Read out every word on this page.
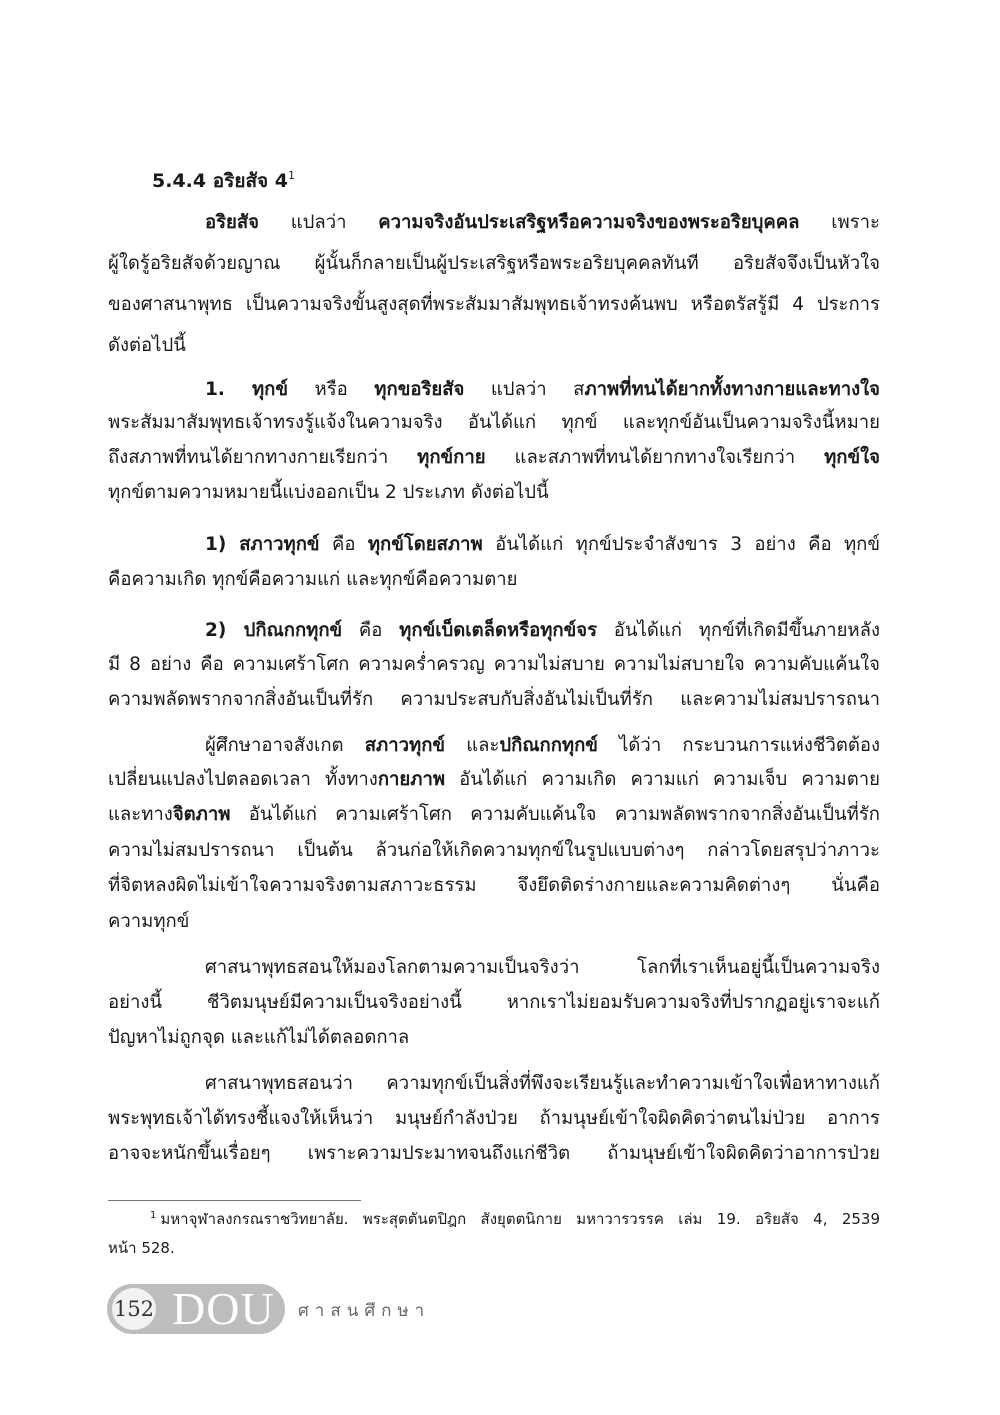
5.4.4 อริยสัจ $4^1$
อริยสัจ แปลว่า ความจริงอันประเสริฐหรือความจริงของพระอริยบุคคล เพราะ
ผู้ใดรู้อริยสัจด้วยญาณ ผู้นั้นก็กลายเป็นผู้ประเสริฐหรือพระอริยบุคคลทันที อริยสัจจึงเป็นหัวใจ
ของศาสนาพุทธ เป็นความจริงขั้นสูงสุดที่พระสัมมาสัมพุทธเจ้าทรงค้นพบ หรือตรัสรู้มี 4 ประการ
ดังต่อไปนี้
1. ทุกข์ หรือ ทุกขอริยสัจ แปลว่า สภาพที่ทนได้ยากทั้งทางกายและทางใจ
พระสัมมาสัมพุทธเจ้าทรงรู้แจ้งในความจริง อันได้แก่ ทุกข์ และทุกข์อันเป็นความจริงนี้หมาย
ถึงสภาพที่ทนได้ยากทางกายเรียกว่า ทุกข์กาย และสภาพที่ทนได้ยากทางใจเรียกว่า ทุกข์ใจ
ทุกข์ตามความหมายนี้แบ่งออกเป็น 2 ประเภท ดังต่อไปนี้
1) สภาวทุกข์ คือ ทุกข์โดยสภาพ อันได้แก่ ทุกข์ประจำสังขาร 3 อย่าง คือ ทุกข์
คือความเกิด ทุกข์คือความแก่ และทุกข์คือความตาย
2) ปกิณกกทุกข์ คือ ทุกข์เบ็ดเตล็ดหรือทุกข์จร อันได้แก่ ทุกข์ที่เกิดมีขึ้นภายหลัง
มี 8 อย่าง คือ ความเศร้าโศก ความคร่ำครวญ ความไม่สบาย ความไม่สบายใจ ความคับแค้นใจ
ความพลัดพรากจากสิ่งอันเป็นที่รัก ความประสบกับสิ่งอันไม่เป็นที่รัก และความไม่สมปรารถนา
ผู้ศึกษาอาจสังเกต สภาวทุกข์ และปกิณกกทุกข์ ได้ว่า กระบวนการแห่งชีวิตต้อง
เปลี่ยนแปลงไปตลอดเวลา ทั้งทางกายภาพ อันได้แก่ ความเกิด ความแก่ ความเจ็บ ความตาย
และทางจิตภาพ อันได้แก่ ความเศร้าโศก ความคับแค้นใจ ความพลัดพรากจากสิ่งอันเป็นที่รัก
ความไม่สมปรารถนา เป็นต้น ล้วนก่อให้เกิดความทุกข์ในรูปแบบต่างๆ กล่าวโดยสรุปว่าภาวะ
ที่จิตหลงผิดไม่เข้าใจความจริงตามสภาวะธรรม จึงยึดติดร่างกายและความคิดต่างๆ นั่นคือ
ความทุกข์
ศาสนาพุทธสอนให้มองโลกตามความเป็นจริงว่า โลกที่เราเห็นอยู่นี้เป็นความจริง
อย่างนี้ ชีวิตมนุษย์มีความเป็นจริงอย่างนี้ หากเราไม่ยอมรับความจริงที่ปรากฏอยู่เราจะแก้
ปัญหาไม่ถูกจุด และแก้ไม่ได้ตลอดกาล
ศาสนาพุทธสอนว่า ความทุกข์เป็นสิ่งที่พึงจะเรียนรู้และทำความเข้าใจเพื่อหาทางแก้
พระพุทธเจ้าได้ทรงชี้แจงให้เห็นว่า มนุษย์กำลังป่วย ถ้ามนุษย์เข้าใจผิดคิดว่าตนไม่ป่วย อาการ
อาจจะหนักขึ้นเรื่อยๆ เพราะความประมาทจนถึงแก่ชีวิต ถ้ามนุษย์เข้าใจผิดคิดว่าอาการป่วย
$^1$ มหาจุฬาลงกรณราชวิทยาลัย. พระสุตตันตปิฎก สังยุตตนิกาย มหาวารวรรค เล่ม 19. อริยสัจ 4, 2539
หน้า 528.
152 DOU ศาสนศึกษา
